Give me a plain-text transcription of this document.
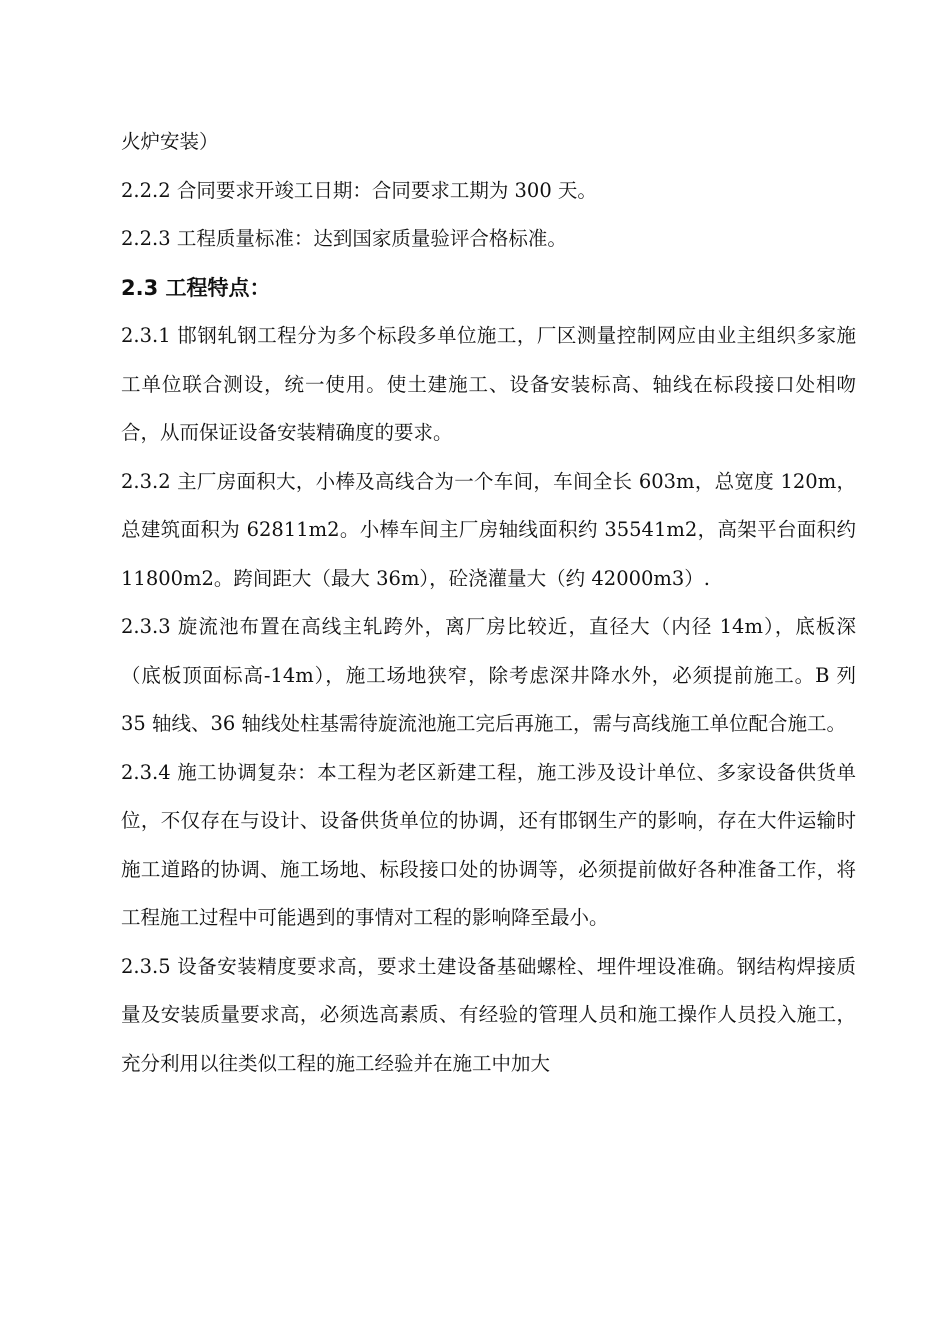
火炉安装）

2.2.2 合同要求开竣工日期：合同要求工期为 300 天。

2.2.3 工程质量标准：达到国家质量验评合格标准。

2.3 工程特点：

2.3.1 邯钢轧钢工程分为多个标段多单位施工，厂区测量控制网应由业主组织多家施工单位联合测设，统一使用。使土建施工、设备安装标高、轴线在标段接口处相吻合，从而保证设备安装精确度的要求。

2.3.2 主厂房面积大，小棒及高线合为一个车间，车间全长 603m，总宽度 120m，总建筑面积为 62811m2。小棒车间主厂房轴线面积约 35541m2，高架平台面积约 11800m2。跨间距大（最大 36m），砼浇灌量大（约 42000m3）.

2.3.3 旋流池布置在高线主轧跨外，离厂房比较近，直径大（内径 14m），底板深（底板顶面标高-14m），施工场地狭窄，除考虑深井降水外，必须提前施工。B 列 35 轴线、36 轴线处柱基需待旋流池施工完后再施工，需与高线施工单位配合施工。

2.3.4 施工协调复杂：本工程为老区新建工程，施工涉及设计单位、多家设备供货单位，不仅存在与设计、设备供货单位的协调，还有邯钢生产的影响，存在大件运输时施工道路的协调、施工场地、标段接口处的协调等，必须提前做好各种准备工作，将工程施工过程中可能遇到的事情对工程的影响降至最小。

2.3.5 设备安装精度要求高，要求土建设备基础螺栓、埋件埋设准确。钢结构焊接质量及安装质量要求高，必须选高素质、有经验的管理人员和施工操作人员投入施工，充分利用以往类似工程的施工经验并在施工中加大
